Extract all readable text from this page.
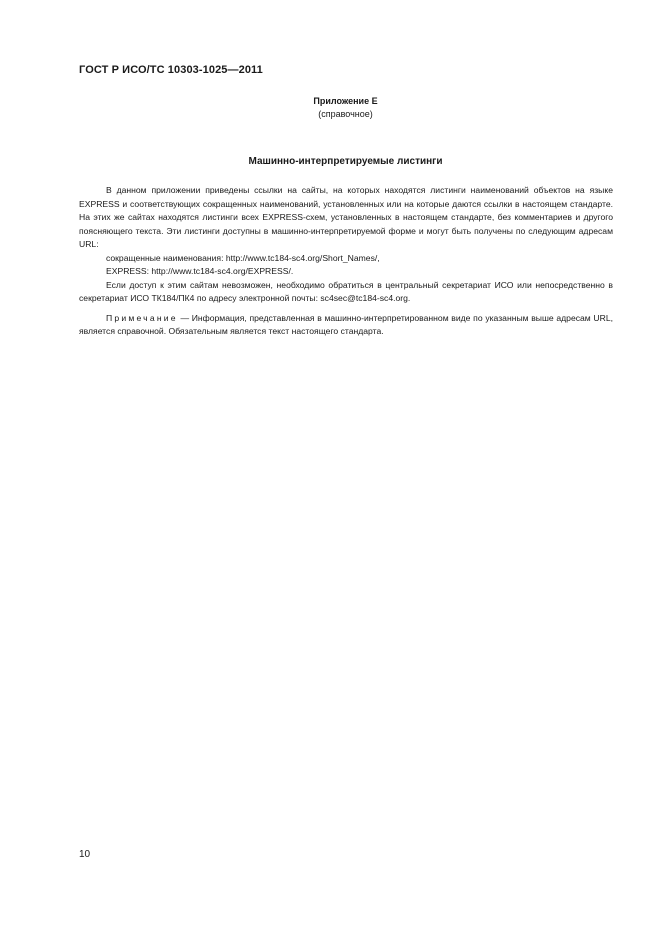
ГОСТ Р ИСО/ТС 10303-1025—2011
Приложение Е
(справочное)
Машинно-интерпретируемые листинги

В данном приложении приведены ссылки на сайты, на которых находятся листинги наименований объектов на языке EXPRESS и соответствующих сокращенных наименований, установленных или на которые даются ссылки в настоящем стандарте. На этих же сайтах находятся листинги всех EXPRESS-схем, установленных в настоящем стандарте, без комментариев и другого поясняющего текста. Эти листинги доступны в машинно-интерпретируемой форме и могут быть получены по следующим адресам URL:

сокращенные наименования: http://www.tc184-sc4.org/Short_Names/,

EXPRESS: http://www.tc184-sc4.org/EXPRESS/.

Если доступ к этим сайтам невозможен, необходимо обратиться в центральный секретариат ИСО или непосредственно в секретариат ИСО ТК184/ПК4 по адресу электронной почты: sc4sec@tc184-sc4.org.

Примечание — Информация, представленная в машинно-интерпретированном виде по указанным выше адресам URL, является справочной. Обязательным является текст настоящего стандарта.

10
